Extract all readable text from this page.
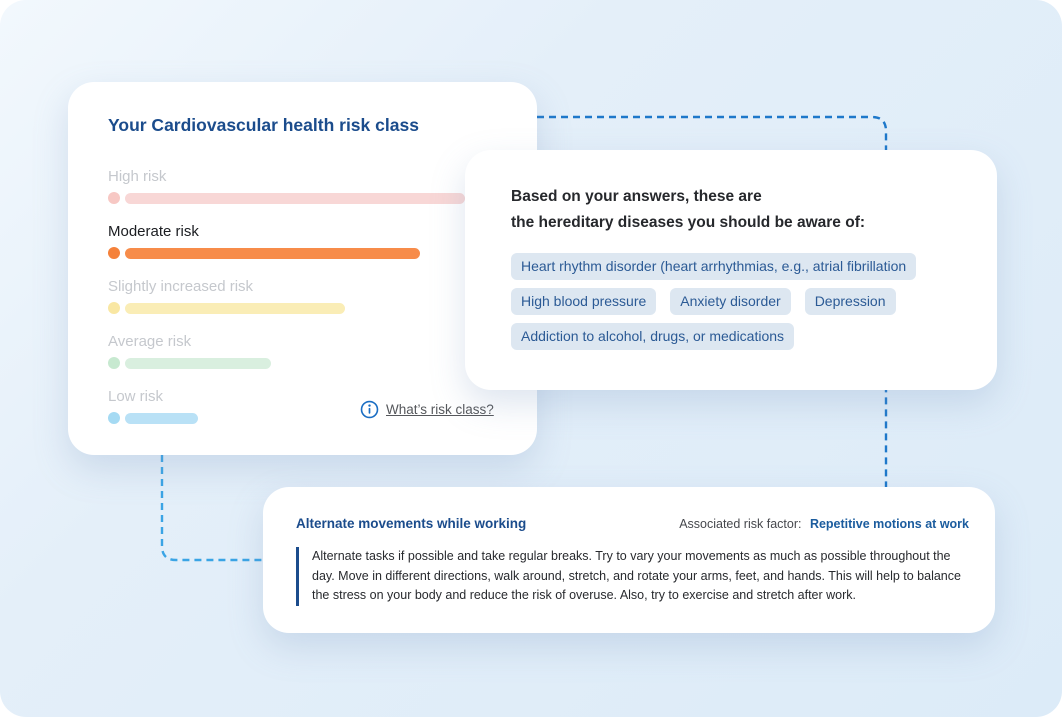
Your Cardiovascular health risk class
High risk
Moderate risk
Slightly increased risk
Average risk
Low risk
What’s risk class?
Based on your answers, these are
the hereditary diseases you should be aware of:
Heart rhythm disorder (heart arrhythmias, e.g., atrial fibrillation
High blood pressure	Anxiety disorder	Depression
Addiction to alcohol, drugs, or medications
Alternate movements while working	Associated risk factor: Repetitive motions at work
Alternate tasks if possible and take regular breaks. Try to vary your movements as much as possible throughout the day. Move in different directions, walk around, stretch, and rotate your arms, feet, and hands. This will help to balance the stress on your body and reduce the risk of overuse. Also, try to exercise and stretch after work.
